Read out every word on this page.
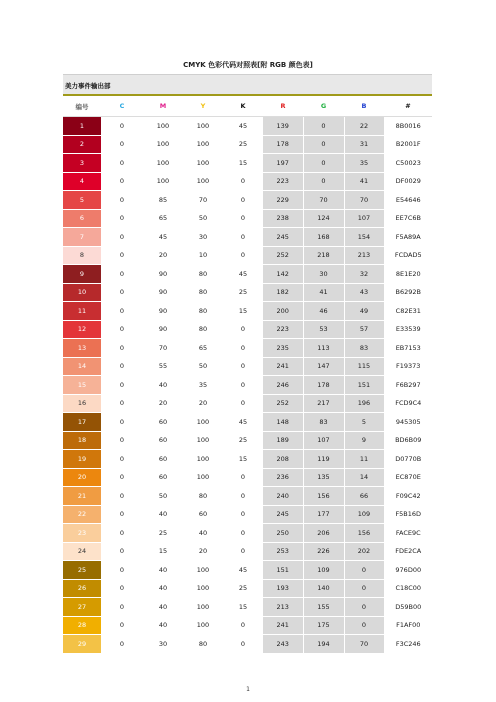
CMYK 色彩代码对照表[附 RGB 颜色表]
美力事件输出部
编号	C	M	Y	K	R	G	B	#
1	0	100	100	45	139	0	22	8B0016
2	0	100	100	25	178	0	31	B2001F
3	0	100	100	15	197	0	35	C50023
4	0	100	100	0	223	0	41	DF0029
5	0	85	70	0	229	70	70	E54646
6	0	65	50	0	238	124	107	EE7C6B
7	0	45	30	0	245	168	154	F5A89A
8	0	20	10	0	252	218	213	FCDAD5
9	0	90	80	45	142	30	32	8E1E20
10	0	90	80	25	182	41	43	B6292B
11	0	90	80	15	200	46	49	C82E31
12	0	90	80	0	223	53	57	E33539
13	0	70	65	0	235	113	83	EB7153
14	0	55	50	0	241	147	115	F19373
15	0	40	35	0	246	178	151	F6B297
16	0	20	20	0	252	217	196	FCD9C4
17	0	60	100	45	148	83	5	945305
18	0	60	100	25	189	107	9	BD6B09
19	0	60	100	15	208	119	11	D0770B
20	0	60	100	0	236	135	14	EC870E
21	0	50	80	0	240	156	66	F09C42
22	0	40	60	0	245	177	109	F5B16D
23	0	25	40	0	250	206	156	FACE9C
24	0	15	20	0	253	226	202	FDE2CA
25	0	40	100	45	151	109	0	976D00
26	0	40	100	25	193	140	0	C18C00
27	0	40	100	15	213	155	0	D59B00
28	0	40	100	0	241	175	0	F1AF00
29	0	30	80	0	243	194	70	F3C246
1
